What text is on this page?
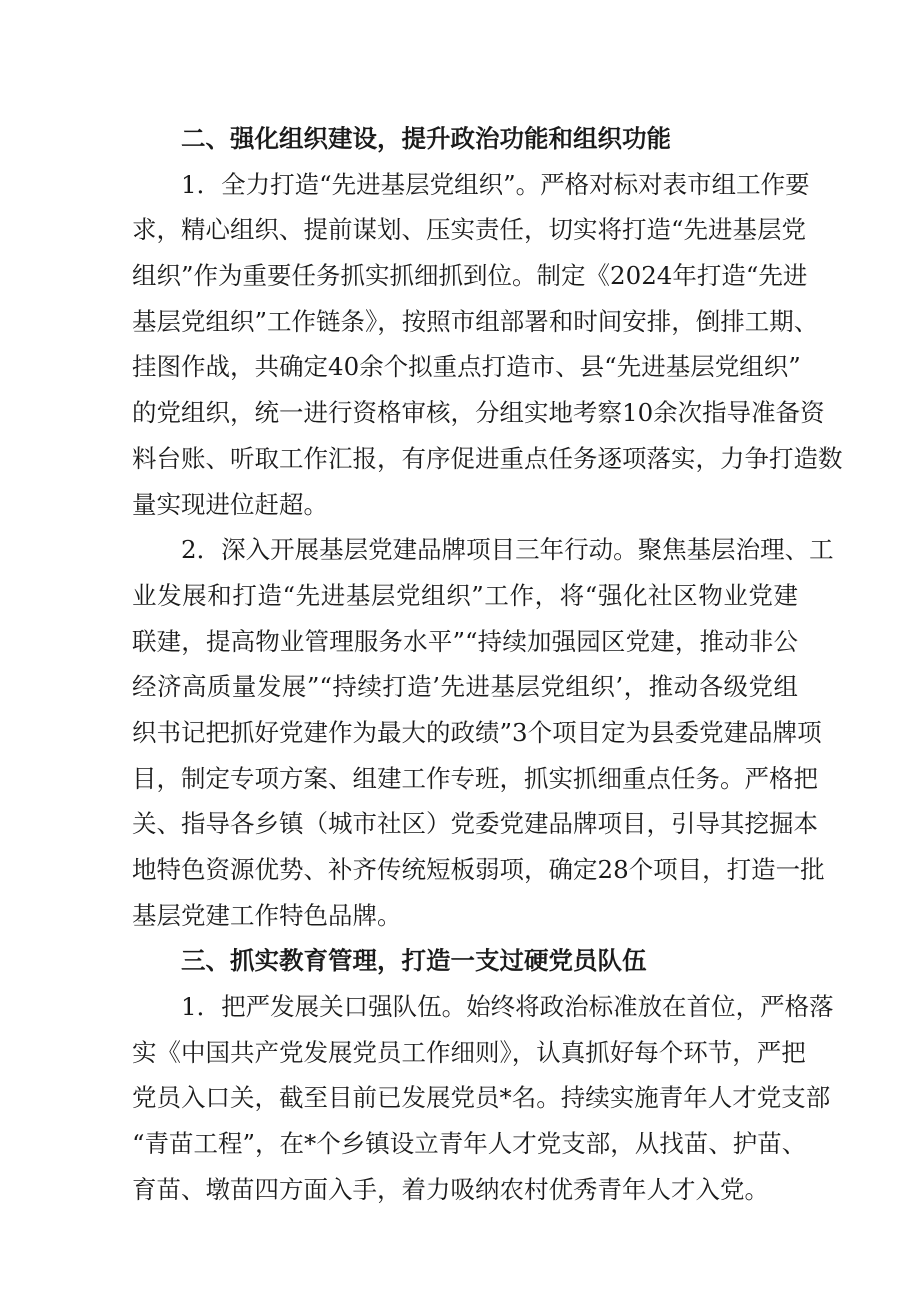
二、强化组织建设，提升政治功能和组织功能
1．全力打造“先进基层党组织”。严格对标对表市组工作要
求，精心组织、提前谋划、压实责任，切实将打造“先进基层党
组织”作为重要任务抓实抓细抓到位。制定《2024年打造“先进
基层党组织”工作链条》，按照市组部署和时间安排，倒排工期、
挂图作战，共确定40余个拟重点打造市、县“先进基层党组织”
的党组织，统一进行资格审核，分组实地考察10余次指导准备资
料台账、听取工作汇报，有序促进重点任务逐项落实，力争打造数
量实现进位赶超。
2．深入开展基层党建品牌项目三年行动。聚焦基层治理、工
业发展和打造“先进基层党组织”工作，将“强化社区物业党建
联建，提高物业管理服务水平”“持续加强园区党建，推动非公
经济高质量发展”“持续打造’先进基层党组织’，推动各级党组
织书记把抓好党建作为最大的政绩”3个项目定为县委党建品牌项
目，制定专项方案、组建工作专班，抓实抓细重点任务。严格把
关、指导各乡镇（城市社区）党委党建品牌项目，引导其挖掘本
地特色资源优势、补齐传统短板弱项，确定28个项目，打造一批
基层党建工作特色品牌。
三、抓实教育管理，打造一支过硬党员队伍
1．把严发展关口强队伍。始终将政治标准放在首位，严格落
实《中国共产党发展党员工作细则》，认真抓好每个环节，严把
党员入口关，截至目前已发展党员*名。持续实施青年人才党支部
“青苗工程”，在*个乡镇设立青年人才党支部，从找苗、护苗、
育苗、墩苗四方面入手，着力吸纳农村优秀青年人才入党。
